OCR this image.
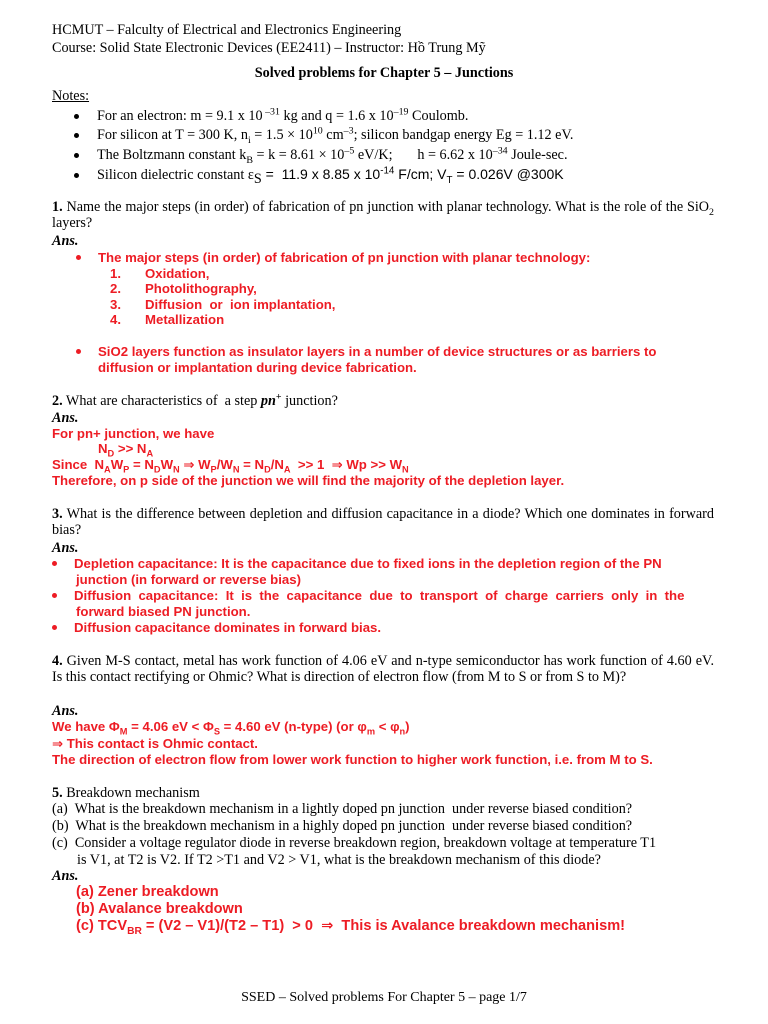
HCMUT – Falculty of Electrical and Electronics Engineering
Course: Solid State Electronic Devices (EE2411) – Instructor: Hồ Trung Mỹ
Solved problems for Chapter 5 – Junctions
Notes:
For an electron: m = 9.1 x 10 $^{-31}$ kg and q = 1.6 x $10^{-19}$ Coulomb.
For silicon at T = 300 K, $n_i = 1.5 \times 10^{10}$ $cm^{-3}$; silicon bandgap energy Eg = 1.12 eV.
The Boltzmann constant $k_B = k = 8.61 \times 10^{-5}$ eV/K;       h = 6.62 x $10^{-34}$ Joule-sec.
Silicon dielectric constant $\varepsilon_S = 11.9$ x 8.85 x $10^{-14}$ F/cm; $V_T = 0.026V$ @300K
1. Name the major steps (in order) of fabrication of pn junction with planar technology. What is the role of the SiO$_2$ layers?
Ans.
The major steps (in order) of fabrication of pn junction with planar technology:
1. Oxidation,
2. Photolithography,
3. Diffusion  or  ion implantation,
4. Metallization
SiO2 layers function as insulator layers in a number of device structures or as barriers to
diffusion or implantation during device fabrication.
2. What are characteristics of  a step pn+ junction?
Ans.
For pn+ junction, we have
$N_D >> N_A$
Since  $N_AW_P = N_DW_N$ ⇒ $W_P/W_N = N_D/N_A >> 1$  ⇒ $Wp >> W_N$
Therefore, on p side of the junction we will find the majority of the depletion layer.
3. What is the difference between depletion and diffusion capacitance in a diode? Which one dominates in forward bias?
Ans.
Depletion capacitance: It is the capacitance due to fixed ions in the depletion region of the PN
junction (in forward or reverse bias)
Diffusion  capacitance:  It  is  the  capacitance  due  to  transport  of  charge  carriers  only  in  the
forward biased PN junction.
Diffusion capacitance dominates in forward bias.
4. Given M-S contact, metal has work function of 4.06 eV and n-type semiconductor has work function of 4.60 eV. Is this contact rectifying or Ohmic? What is direction of electron flow (from M to S or from S to M)?
Ans.
We have $\Phi_M = 4.06$ eV < $\Phi_S = 4.60$ eV (n-type) (or $\varphi_m < \varphi_n$)
⇒ This contact is Ohmic contact.
The direction of electron flow from lower work function to higher work function, i.e. from M to S.
5. Breakdown mechanism
(a)  What is the breakdown mechanism in a lightly doped pn junction  under reverse biased condition?
(b)  What is the breakdown mechanism in a highly doped pn junction  under reverse biased condition?
(c)  Consider a voltage regulator diode in reverse breakdown region, breakdown voltage at temperature T1
is V1, at T2 is V2. If T2 >T1 and V2 > V1, what is the breakdown mechanism of this diode?
Ans.
(a) Zener breakdown
(b) Avalance breakdown
(c) $TCV_{BR} = (V2 - V1)/(T2 - T1) > 0$  ⇒  This is Avalance breakdown mechanism!
SSED – Solved problems For Chapter 5 – page 1/7
